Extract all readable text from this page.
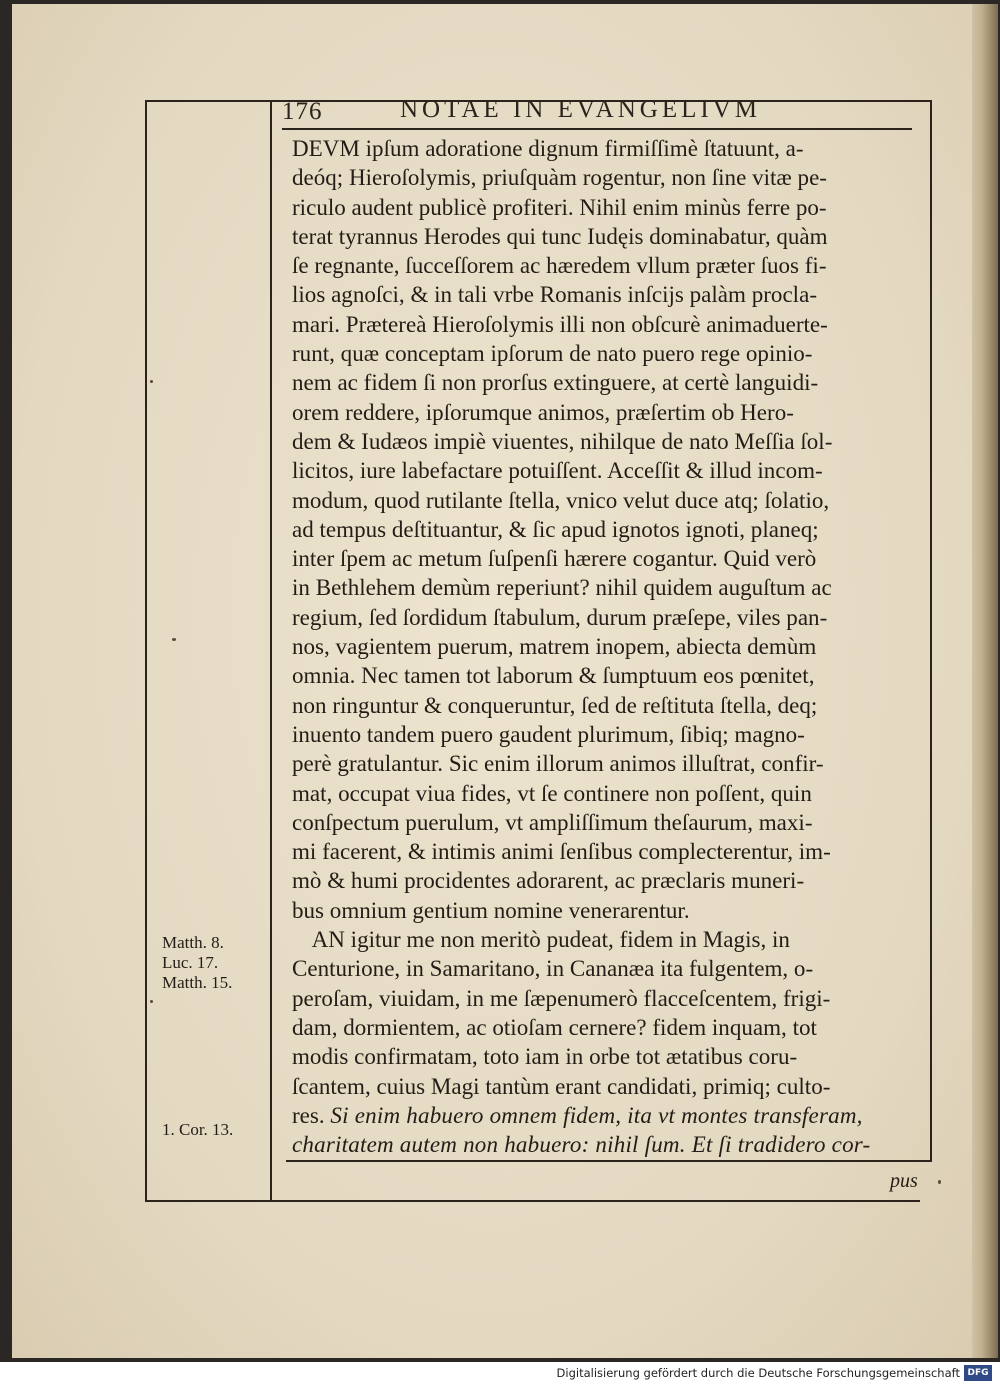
176	NOTAE IN EVANGELIVM
DEVM ipſum adoratione dignum firmiſſimè ſtatuunt, a-
deóq; Hieroſolymis, priuſquàm rogentur, non ſine vitæ pe-
riculo audent publicè profiteri. Nihil enim minùs ferre po-
terat tyrannus Herodes qui tunc Iudęis dominabatur, quàm
ſe regnante, ſucceſſorem ac hæredem vllum præter ſuos fi-
lios agnoſci, & in tali vrbe Romanis inſcijs palàm procla-
mari. Prætereà Hieroſolymis illi non obſcurè animaduerte-
runt, quæ conceptam ipſorum de nato puero rege opinio-
nem ac fidem ſi non prorſus extinguere, at certè languidi-
orem reddere, ipſorumque animos, præſertim ob Hero-
dem & Iudæos impiè viuentes, nihilque de nato Meſſia ſol-
licitos, iure labefactare potuiſſent. Acceſſit & illud incom-
modum, quod rutilante ſtella, vnico velut duce atq; ſolatio,
ad tempus deſtituantur, & ſic apud ignotos ignoti, planeq;
inter ſpem ac metum ſuſpenſi hærere cogantur. Quid verò
in Bethlehem demùm reperiunt? nihil quidem auguſtum ac
regium, ſed ſordidum ſtabulum, durum præſepe, viles pan-
nos, vagientem puerum, matrem inopem, abiecta demùm
omnia. Nec tamen tot laborum & ſumptuum eos pœnitet,
non ringuntur & conqueruntur, ſed de reſtituta ſtella, deq;
inuento tandem puero gaudent plurimum, ſibiq; magno-
perè gratulantur. Sic enim illorum animos illuſtrat, confir-
mat, occupat viua fides, vt ſe continere non poſſent, quin
conſpectum puerulum, vt ampliſſimum theſaurum, maxi-
mi facerent, & intimis animi ſenſibus complecterentur, im-
mò & humi procidentes adorarent, ac præclaris muneri-
bus omnium gentium nomine venerarentur.
AN igitur me non meritò pudeat, fidem in Magis, in
Centurione, in Samaritano, in Cananæa ita fulgentem, o-
peroſam, viuidam, in me ſæpenumerò flacceſcentem, frigi-
dam, dormientem, ac otioſam cernere? fidem inquam, tot
modis confirmatam, toto iam in orbe tot ætatibus coru-
ſcantem, cuius Magi tantùm erant candidati, primiq; culto-
res. Si enim habuero omnem fidem, ita vt montes transferam,
charitatem autem non habuero: nihil ſum. Et ſi tradidero cor-
pus
Matth. 8.
Luc. 17.
Matth. 15.
1. Cor. 13.
Digitalisierung gefördert durch die Deutsche Forschungsgemeinschaft DFG
